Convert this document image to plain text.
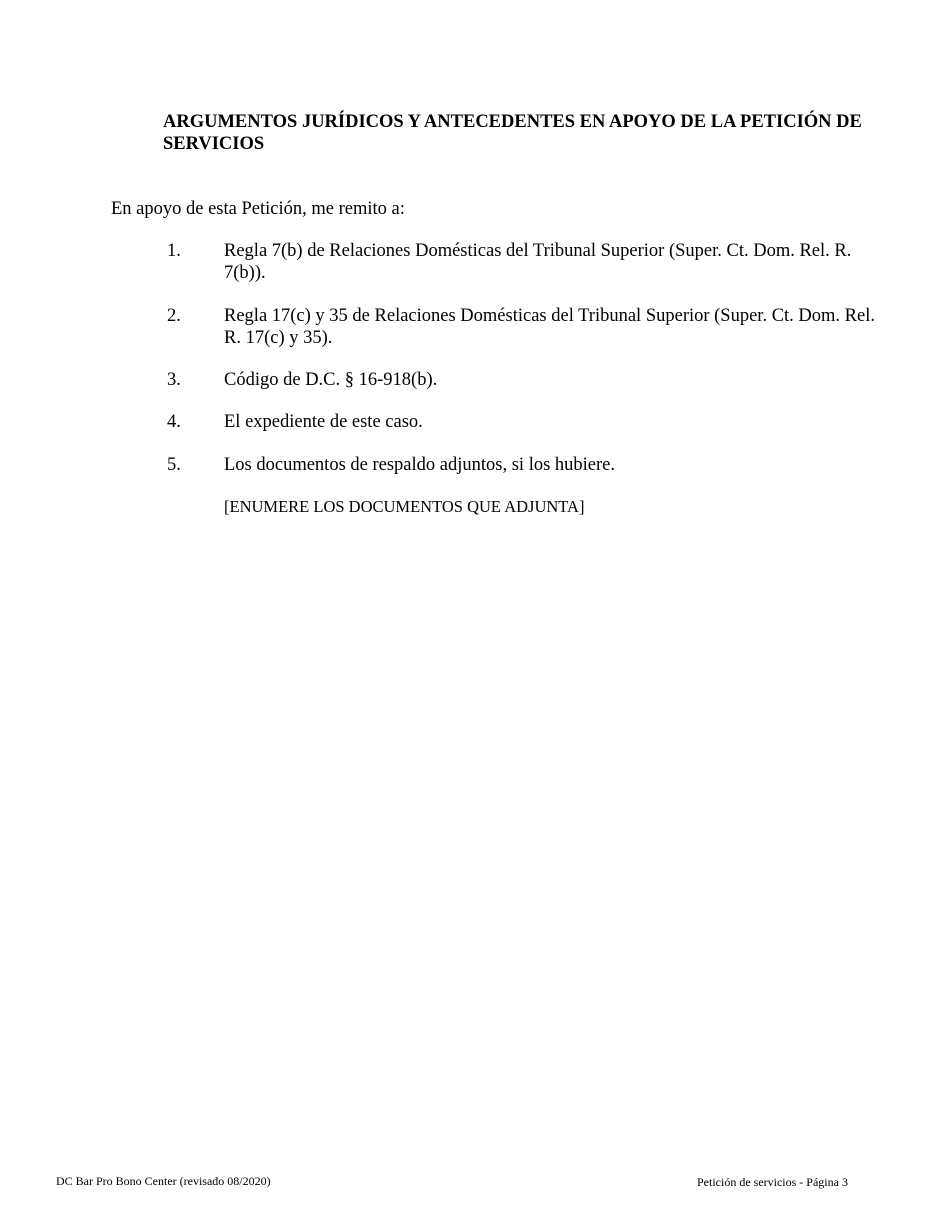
ARGUMENTOS JURÍDICOS Y ANTECEDENTES EN APOYO DE LA PETICIÓN DE SERVICIOS
En apoyo de esta Petición, me remito a:
1. Regla 7(b) de Relaciones Domésticas del Tribunal Superior (Super. Ct. Dom. Rel. R. 7(b)).
2. Regla 17(c) y 35 de Relaciones Domésticas del Tribunal Superior (Super. Ct. Dom. Rel. R. 17(c) y 35).
3. Código de D.C. § 16-918(b).
4. El expediente de este caso.
5. Los documentos de respaldo adjuntos, si los hubiere.
[ENUMERE LOS DOCUMENTOS QUE ADJUNTA]
DC Bar Pro Bono Center (revisado 08/2020)	Petición de servicios - Página 3
